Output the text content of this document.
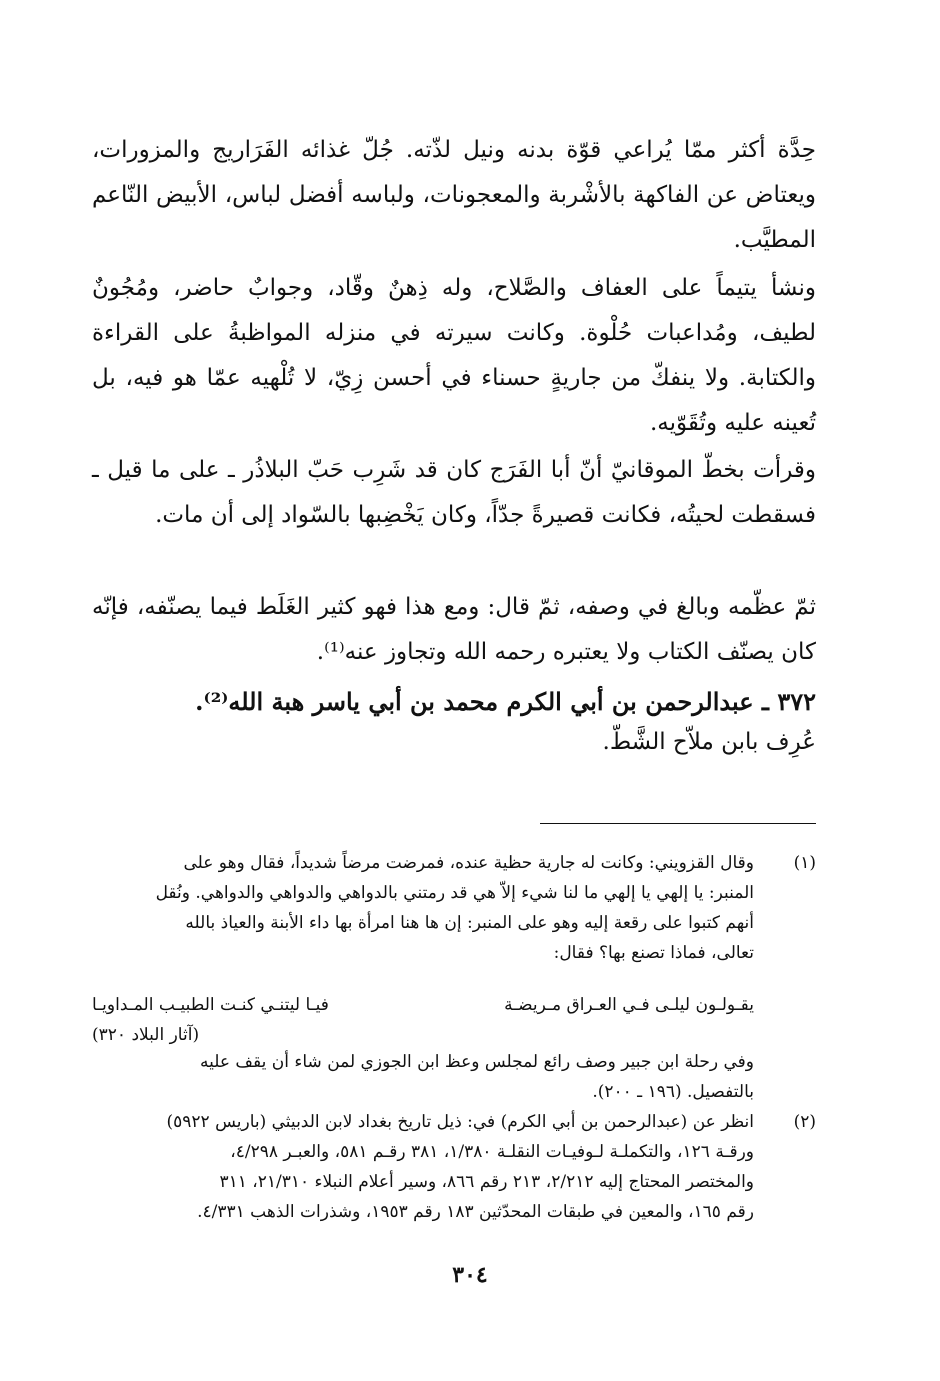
حِدَّة أكثر ممّا يُراعي قوّة بدنه ونيل لذّته. جُلّ غذائه الفَرَاريج والمزورات، ويعتاض عن الفاكهة بالأشْربة والمعجونات، ولباسه أفضل لباس، الأبيض النّاعم المطيَّب.

ونشأ يتيماً على العفاف والصَّلاح، وله ذِهنٌ وقّاد، وجوابٌ حاضر، ومُجُونٌ لطيف، ومُداعبات حُلْوة. وكانت سيرته في منزله المواظبةُ على القراءة والكتابة. ولا ينفكّ من جاريةٍ حسناء في أحسن زِيّ، لا تُلْهيه عمّا هو فيه، بل تُعينه عليه وتُقَوّيه.

وقرأت بخطّ الموقانيّ أنّ أبا الفَرَج كان قد شَرِب حَبّ البلاذُر ـ على ما قيل ـ فسقطت لحيتُه، فكانت قصيرةً جدّاً، وكان يَخْضِبها بالسّواد إلى أن مات.

ثمّ عظّمه وبالغ في وصفه، ثمّ قال: ومع هذا فهو كثير الغَلَط فيما يصنّفه، فإنّه كان يصنّف الكتاب ولا يعتبره رحمه الله وتجاوز عنه⁽¹⁾.

٣٧٢ ـ عبدالرحمن بن أبي الكرم محمد بن أبي ياسر هبة الله⁽²⁾.
عُرِف بابن ملاّح الشَّطّ.
(١)
وقال القزويني: وكانت له جارية حظية عنده، فمرضت مرضاً شديداً، فقال وهو على
المنبر: يا إلهي يا إلهي ما لنا شيء إلاّ هي قد رمتني بالدواهي والدواهي والدواهي. ونُقل
أنهم كتبوا على رقعة إليه وهو على المنبر: إن ها هنا امرأة بها داء الأبنة والعياذ بالله
تعالى، فماذا تصنع بها؟ فقال:
يقـولـون ليلـى فـي العـراق مـريضـة
فيـا ليتنـي كنـت الطبيـب المـداويـا
(آثار البلاد ٣٢٠)
وفي رحلة ابن جبير وصف رائع لمجلس وعظ ابن الجوزي لمن شاء أن يقف عليه
بالتفصيل. (١٩٦ ـ ٢٠٠).
(٢)
انظر عن (عبدالرحمن بن أبي الكرم) في: ذيل تاريخ بغداد لابن الدبيثي (باريس ٥٩٢٢)
ورقـة ١٢٦، والتكملـة لـوفيـات النقلـة ١/٣٨٠، ٣٨١ رقـم ٥٨١، والعبـر ٤/٢٩٨،
والمختصر المحتاج إليه ٢/٢١٢، ٢١٣ رقم ٨٦٦، وسير أعلام النبلاء ٢١/٣١٠، ٣١١
رقم ١٦٥، والمعين في طبقات المحدّثين ١٨٣ رقم ١٩٥٣، وشذرات الذهب ٤/٣٣١.
٣٠٤
